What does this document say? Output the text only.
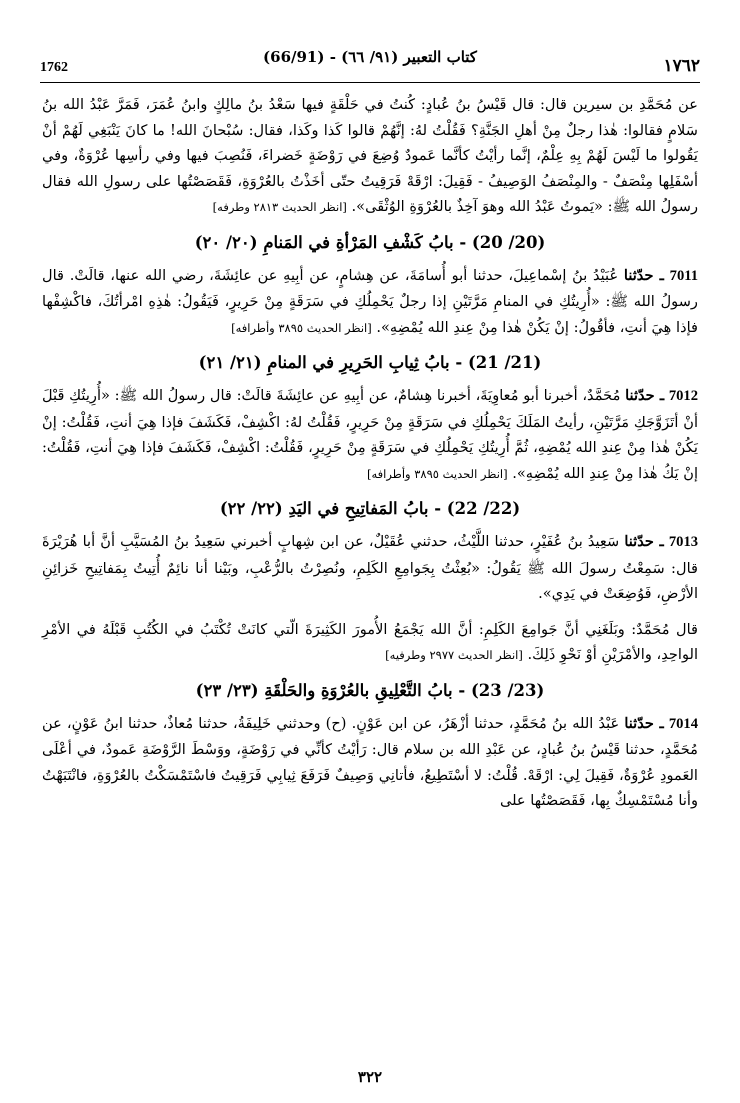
1762
(66/91) - كتاب التعبير (٩١/ ٦٦)	١٧٦٢

عن مُحَمَّدِ بن سيرين قال: قال قَيْسُ بنُ عُبادٍ: كُنتُ في حَلْقَةٍ فيها سَعْدُ بنُ مالِكٍ وابنُ عُمَرَ، فَمَرَّ عَبْدُ الله بنُ سَلامٍ فقالوا: هٰذا رجلٌ مِنْ أهلِ الجَنَّةِ؟ فَقُلْتُ لهُ: إنَّهُمْ قالوا كَذا وكَذا، فقال: سُبْحانَ الله! ما كانَ يَنْبَغِي لَهُمْ أنْ يَقُولوا ما لَيْسَ لَهُمْ بِهِ عِلْمٌ، إنَّما رأيْتُ كأنَّما عَمودٌ وُضِعَ في رَوْضَةٍ خَضراءَ، فَنُصِبَ فيها وفي رأسِها عُرْوَةٌ، وفي أسْفَلِها مِنْصَفٌ - والمِنْصَفُ الوَصِيفُ - فَقِيلَ: ارْقَهْ فَرَقِيتُ حتّى أخَذْتُ بالعُرْوَةِ، فَقَصَصْتُها على رسولِ الله فقال رسولُ الله ﷺ: «يَموتُ عَبْدُ الله وهوَ آخِذٌ بالعُرْوَةِ الوُثْقَى». [انظر الحديث ٢٨١٣ وطرفه]

(20/ 20) - بابُ كَشْفِ المَرْأةِ في المَنامِ (٢٠/ ٢٠)

7011 ـ حدّثنا عُبَيْدُ بنُ إسْماعِيلَ، حدثنا أبو أُسامَةَ، عن هِشامٍ، عن أبِيهِ عن عائِشَةَ، رضي الله عنها، قالَتْ. قال رسولُ الله ﷺ: «أُرِيتُكِ في المنامِ مَرَّتَيْنِ إذا رجلٌ يَحْمِلُكِ في سَرَقَةٍ مِنْ حَرِيرٍ، فَيَقُولُ: هٰذِهِ امْرأتُكَ، فاكْشِفْها فإذا هِيَ أنتِ، فأقُولُ: إنْ يَكُنْ هٰذا مِنْ عِندِ الله يُمْضِهِ». [انظر الحديث ٣٨٩٥ وأطرافه]

(21/ 21) - بابُ ثِيابِ الحَرِيرِ في المنامِ (٢١/ ٢١)

7012 ـ حدّثنا مُحَمَّدٌ، أخبرنا أبو مُعاوِيَةَ، أخبرنا هِشامٌ، عن أبِيهِ عن عائِشَةَ قالَتْ: قال رسولُ الله ﷺ: «أُرِيتُكِ قَبْلَ أنْ أتَزَوَّجَكِ مَرَّتَيْنِ، رأيتُ المَلَكَ يَحْمِلُكِ في سَرَقَةٍ مِنْ حَرِيرٍ، فَقُلْتُ لهُ: اكْشِفْ، فَكَشَفَ فإذا هِيَ أنتِ، فَقُلْتُ: إنْ يَكُنْ هٰذا مِنْ عِندِ الله يُمْضِهِ، ثُمَّ أُرِيتُكِ يَحْمِلُكِ في سَرَقَةٍ مِنْ حَرِيرٍ، فَقُلْتُ: اكْشِفْ، فَكَشَفَ فإذا هِيَ أنتِ، فَقُلْتُ: إنْ يَكُ هٰذا مِنْ عِندِ الله يُمْضِهِ». [انظر الحديث ٣٨٩٥ وأطرافه]

(22/ 22) - بابُ المَفاتِيحِ في اليَدِ (٢٢/ ٢٢)

7013 ـ حدّثنا سَعِيدُ بنُ عُفَيْرٍ، حدثنا اللَّيْثُ، حدثني عُقَيْلٌ، عن ابن شِهابٍ أخبرني سَعِيدُ بنُ المُسَيَّبِ أنَّ أبا هُرَيْرَةَ قال: سَمِعْتُ رسولَ الله ﷺ يَقُولُ: «بُعِثْتُ بِجَوامِعِ الكَلِمِ، ونُصِرْتُ بالرُّعْبِ، وبَيْنا أنا نائِمٌ أُتِيتُ بِمَفاتِيحِ خَزائِنِ الأرْضِ، فَوُضِعَتْ في يَدِي».

قال مُحَمَّدٌ: وبَلَغَنِي أنَّ جَوامِعَ الكَلِمِ: أنَّ الله يَجْمَعُ الأُمورَ الكَثِيرَةَ الّتي كانَتْ تُكْتَبُ في الكُتُبِ قَبْلَهُ في الأمْرِ الواحِدِ، والأمْرَيْنِ أوْ نَحْوِ ذَلِكَ. [انظر الحديث ٢٩٧٧ وطرفيه]

(23/ 23) - بابُ التَّعْلِيقِ بالعُرْوَةِ والحَلْقَةِ (٢٣/ ٢٣)

7014 ـ حدّثنا عَبْدُ الله بنُ مُحَمَّدٍ، حدثنا أزْهَرُ، عن ابن عَوْنٍ. (ح) وحدثني خَلِيفَةُ، حدثنا مُعاذٌ، حدثنا ابنُ عَوْنٍ، عن مُحَمَّدٍ، حدثنا قَيْسُ بنُ عُبادٍ، عن عَبْدِ الله بن سلام قال: رَأيْتُ كأنِّي في رَوْضَةٍ، ووَسْطَ الرَّوْضَةِ عَمودٌ، في أعْلَى العَمودِ عُرْوَةٌ، فَقِيلَ لِي: ارْقَهْ. قُلْتُ: لا أسْتَطِيعُ، فأتانِي وَصِيفٌ فَرَفَعَ ثِيابِي فَرَقِيتُ فاسْتَمْسَكْتُ بالعُرْوَةِ، فانْتَبَهْتُ وأنا مُسْتَمْسِكٌ بِها، فَقَصَصْتُها على

٣٢٢
